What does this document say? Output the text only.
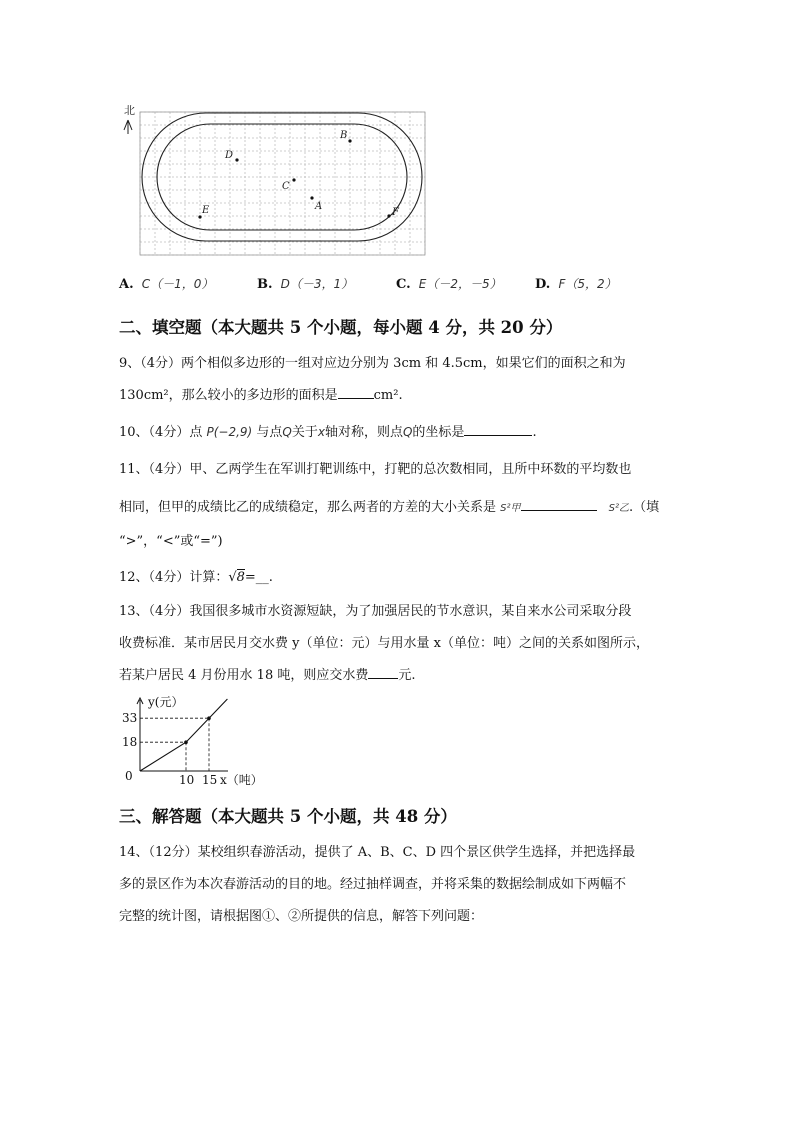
北
B
D
C
A
E	F
A. C（－1，0）	B. D（－3，1）	C. E（－2，－5）	D. F（5，2）
二、填空题（本大题共 5 个小题，每小题 4 分，共 20 分）
9、（4分）两个相似多边形的一组对应边分别为 3cm 和 4.5cm，如果它们的面积之和为
130cm²，那么较小的多边形的面积是	cm².
10、（4分）点 P(−2,9) 与点Q关于x轴对称，则点Q的坐标是	.
11、（4分）甲、乙两学生在军训打靶训练中，打靶的总次数相同，且所中环数的平均数也
相同，但甲的成绩比乙的成绩稳定，那么两者的方差的大小关系是 S²甲	S²乙.（填
“>”，“<”或“=”)
12、（4分）计算：√8=__.
13、（4分）我国很多城市水资源短缺，为了加强居民的节水意识，某自来水公司采取分段
收费标准．某市居民月交水费 y（单位：元）与用水量 x（单位：吨）之间的关系如图所示，
若某户居民 4 月份用水 18 吨，则应交水费 元.
y(元）
x（吨）
0	10 15
18
33
三、解答题（本大题共 5 个小题，共 48 分）
14、（12分）某校组织春游活动，提供了 A、B、C、D 四个景区供学生选择，并把选择最
多的景区作为本次春游活动的目的地。经过抽样调查，并将采集的数据绘制成如下两幅不
完整的统计图，请根据图①、②所提供的信息，解答下列问题：
